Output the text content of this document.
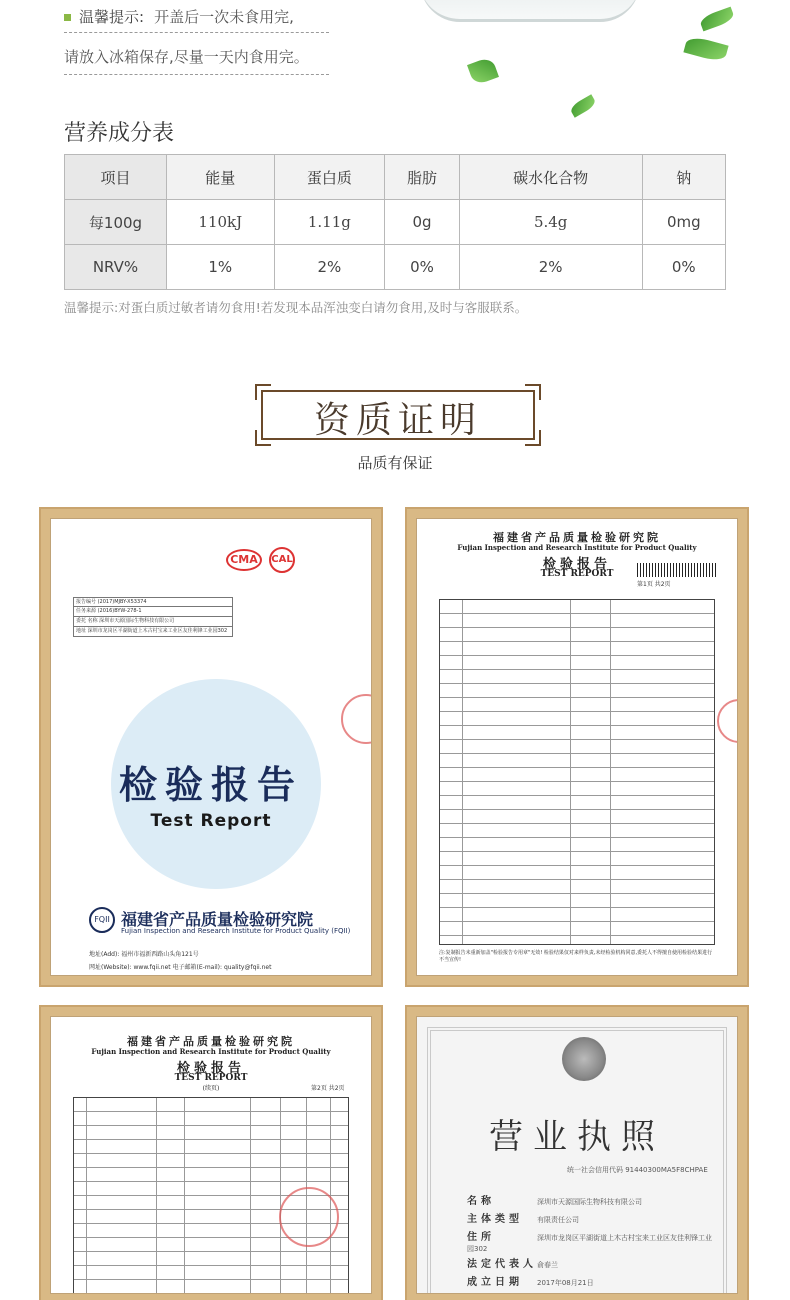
温馨提示: 开盖后一次未食用完,
请放入冰箱保存,尽量一天内食用完。
营养成分表
项目	能量	蛋白质	脂肪	碳水化合物	钠
每100g	110kJ	1.11g	0g	5.4g	0mg
NRV%	1%	2%	0%	2%	0%
温馨提示:对蛋白质过敏者请勿食用!若发现本品浑浊变白请勿食用,及时与客服联系。
资质证明
品质有保证
CMA	CAL
报告编号 (2017)MJBY-X53374
任务来源 (2016)BYW-278-1
委托 名称 深圳市天源国际生物科技有限公司
地址 深圳市龙岗区平湖街道上木古村宝来工业区友佳利锋工业园302
检验报告
Test Report
FQII 福建省产品质量检验研究院
Fujian Inspection and Research Institute for Product Quality (FQII)
地址(Add): 福州市福新西路山头角121号
网址(Website): www.fqii.net 电子邮箱(E-mail): quality@fqii.net
福建省产品质量检验研究院
Fujian Inspection and Research Institute for Product Quality
检验报告
TEST REPORT
第1页 共2页
注:复制报告未重新加盖"检验报告专用章"无效! 检验结果仅对来样负责,未经检验机构同意,委托人不得擅自使用检验结果进行不当宣传!
福建省产品质量检验研究院
Fujian Inspection and Research Institute for Product Quality
检验报告
TEST REPORT
(续页)	第2页 共2页
营业执照
统一社会信用代码 91440300MA5F8CHPAE
名称	深圳市天源国际生物科技有限公司
主体类型 有限责任公司
住所	深圳市龙岗区平湖街道上木古村宝来工业区友佳利锋工业园302
法定代表人俞春兰
成立日期 2017年08月21日
